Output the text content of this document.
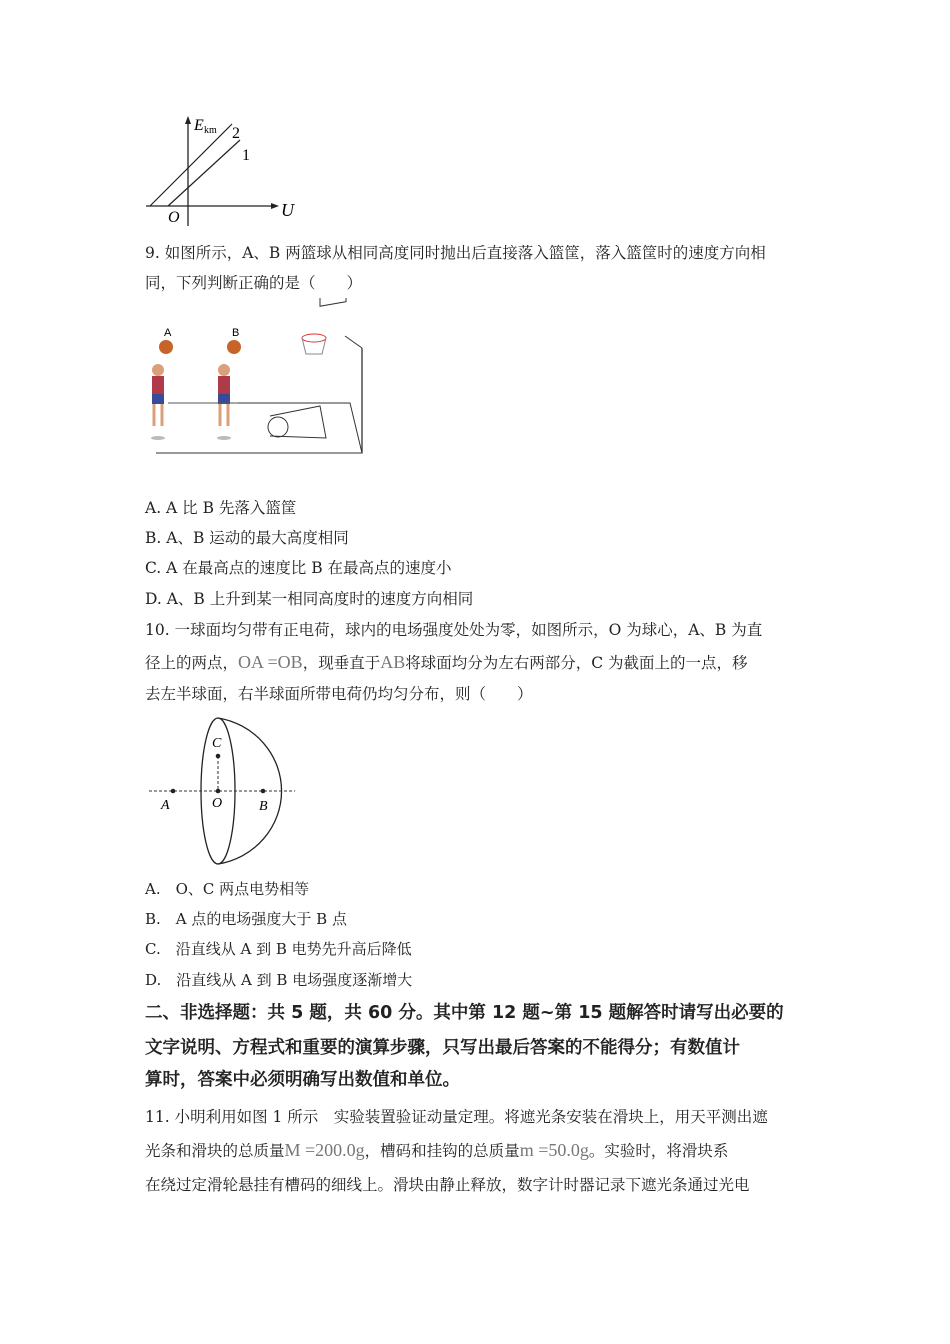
E km 2
1
O	U
9. 如图所示，A、B 两篮球从相同高度同时抛出后直接落入篮筐，落入篮筐时的速度方向相
同，下列判断正确的是（　　）
A	B
A. A 比 B 先落入篮筐
B. A、B 运动的最大高度相同
C. A 在最高点的速度比 B 在最高点的速度小
D. A、B 上升到某一相同高度时的速度方向相同
10. 一球面均匀带有正电荷，球内的电场强度处处为零，如图所示，O 为球心，A、B 为直
径上的两点，OA =OB，现垂直于AB将球面均分为左右两部分，C 为截面上的一点，移
去左半球面，右半球面所带电荷仍均匀分布，则（　　）
A	O	B
C
A.　O、C 两点电势相等
B.　A 点的电场强度大于 B 点
C.　沿直线从 A 到 B 电势先升高后降低
D.　沿直线从 A 到 B 电场强度逐渐增大
二、非选择题：共 5 题，共 60 分。其中第 12 题~第 15 题解答时请写出必要的
文字说明、方程式和重要的演算步骤，只写出最后答案的不能得分；有数值计
算时，答案中必须明确写出数值和单位。
11. 小明利用如图 1 所示　实验装置验证动量定理。将遮光条安装在滑块上，用天平测出遮
光条和滑块的总质量M =200.0g，槽码和挂钩的总质量m =50.0g。实验时，将滑块系
在绕过定滑轮悬挂有槽码的细线上。滑块由静止释放，数字计时器记录下遮光条通过光电
